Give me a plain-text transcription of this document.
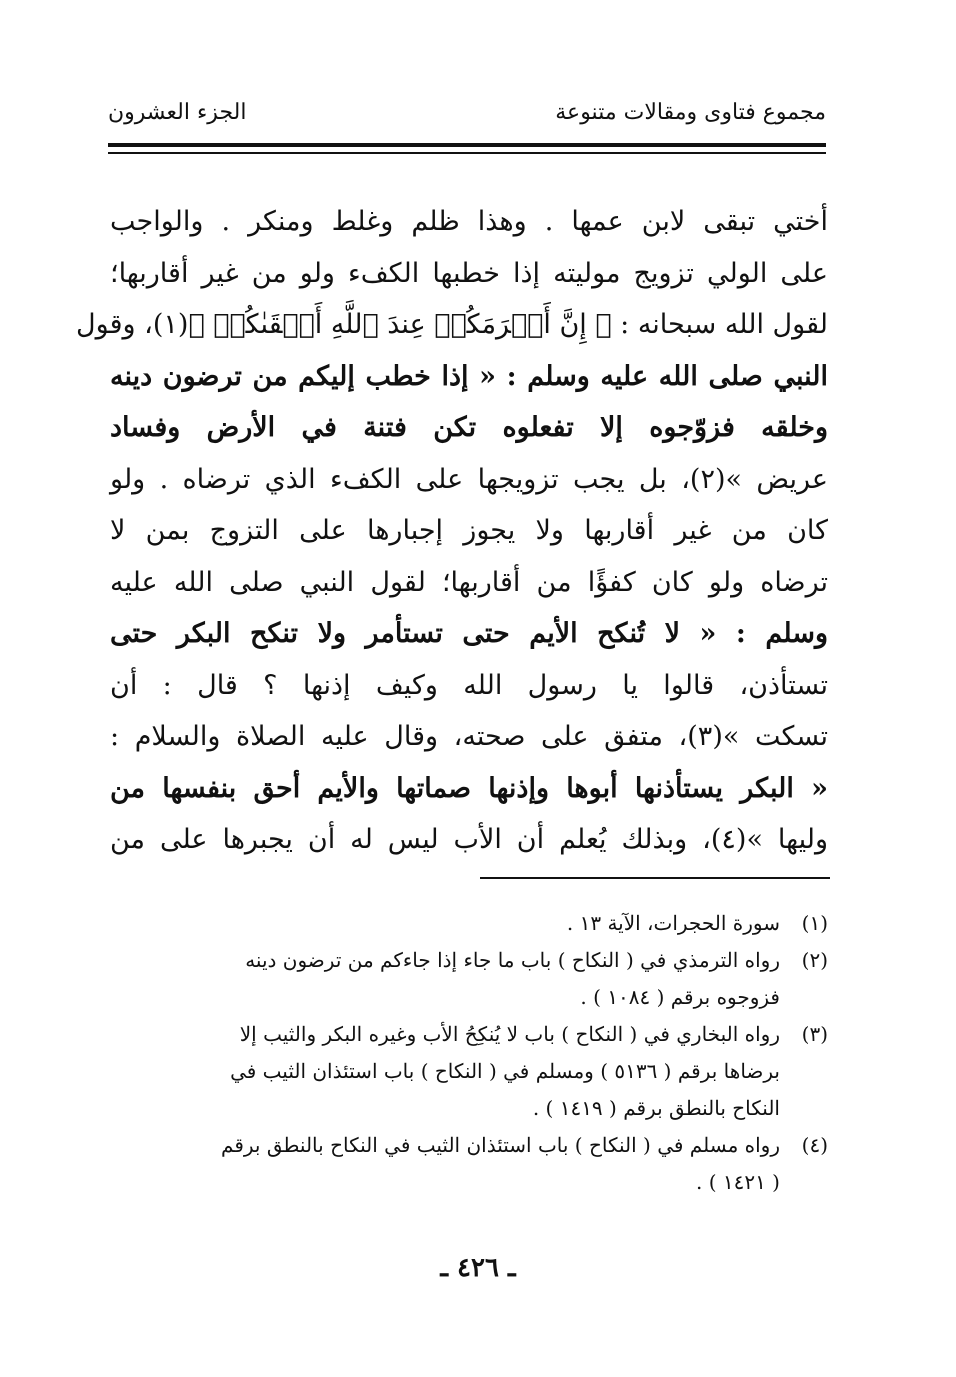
مجموع فتاوى ومقالات متنوعة
الجزء العشرون
أختي تبقى لابن عمها . وهذا ظلم وغلط ومنكر . والواجب
على الولي تزويج موليته إذا خطبها الكفء ولو من غير أقاربها؛
لقول الله سبحانه : ﴿ إِنَّ أَكۡرَمَكُمۡ عِندَ ٱللَّهِ أَتۡقَىٰكُمۡ ﴾(١)، وقول
النبي صلى الله عليه وسلم : « إذا خطب إليكم من ترضون دينه
وخلقه فزوّجوه إلا تفعلوه تكن فتنة في الأرض وفساد
عريض »(٢)، بل يجب تزويجها على الكفء الذي ترضاه . ولو
كان من غير أقاربها ولا يجوز إجبارها على التزوج بمن لا
ترضاه ولو كان كفؤًا من أقاربها؛ لقول النبي صلى الله عليه
وسلم : « لا تُنكح الأيم حتى تستأمر ولا تنكح البكر حتى
تستأذن، قالوا يا رسول الله وكيف إذنها ؟ قال : أن
تسكت »(٣)، متفق على صحته، وقال عليه الصلاة والسلام :
« البكر يستأذنها أبوها وإذنها صماتها والأيم أحق بنفسها من
وليها »(٤)، وبذلك يُعلم أن الأب ليس له أن يجبرها على من
(١)
سورة الحجرات، الآية ١٣ .
(٢)
رواه الترمذي في ( النكاح ) باب ما جاء إذا جاءكم من ترضون دينه
فزوجوه برقم ( ١٠٨٤ ) .
(٣)
رواه البخاري في ( النكاح ) باب لا يُنكِحُ الأب وغيره البكر والثيب إلا
برضاها برقم ( ٥١٣٦ ) ومسلم في ( النكاح ) باب استئذان الثيب في
النكاح بالنطق برقم ( ١٤١٩ ) .
(٤)
رواه مسلم في ( النكاح ) باب استئذان الثيب في النكاح بالنطق برقم
( ١٤٢١ ) .
ـ ٤٢٦ ـ
